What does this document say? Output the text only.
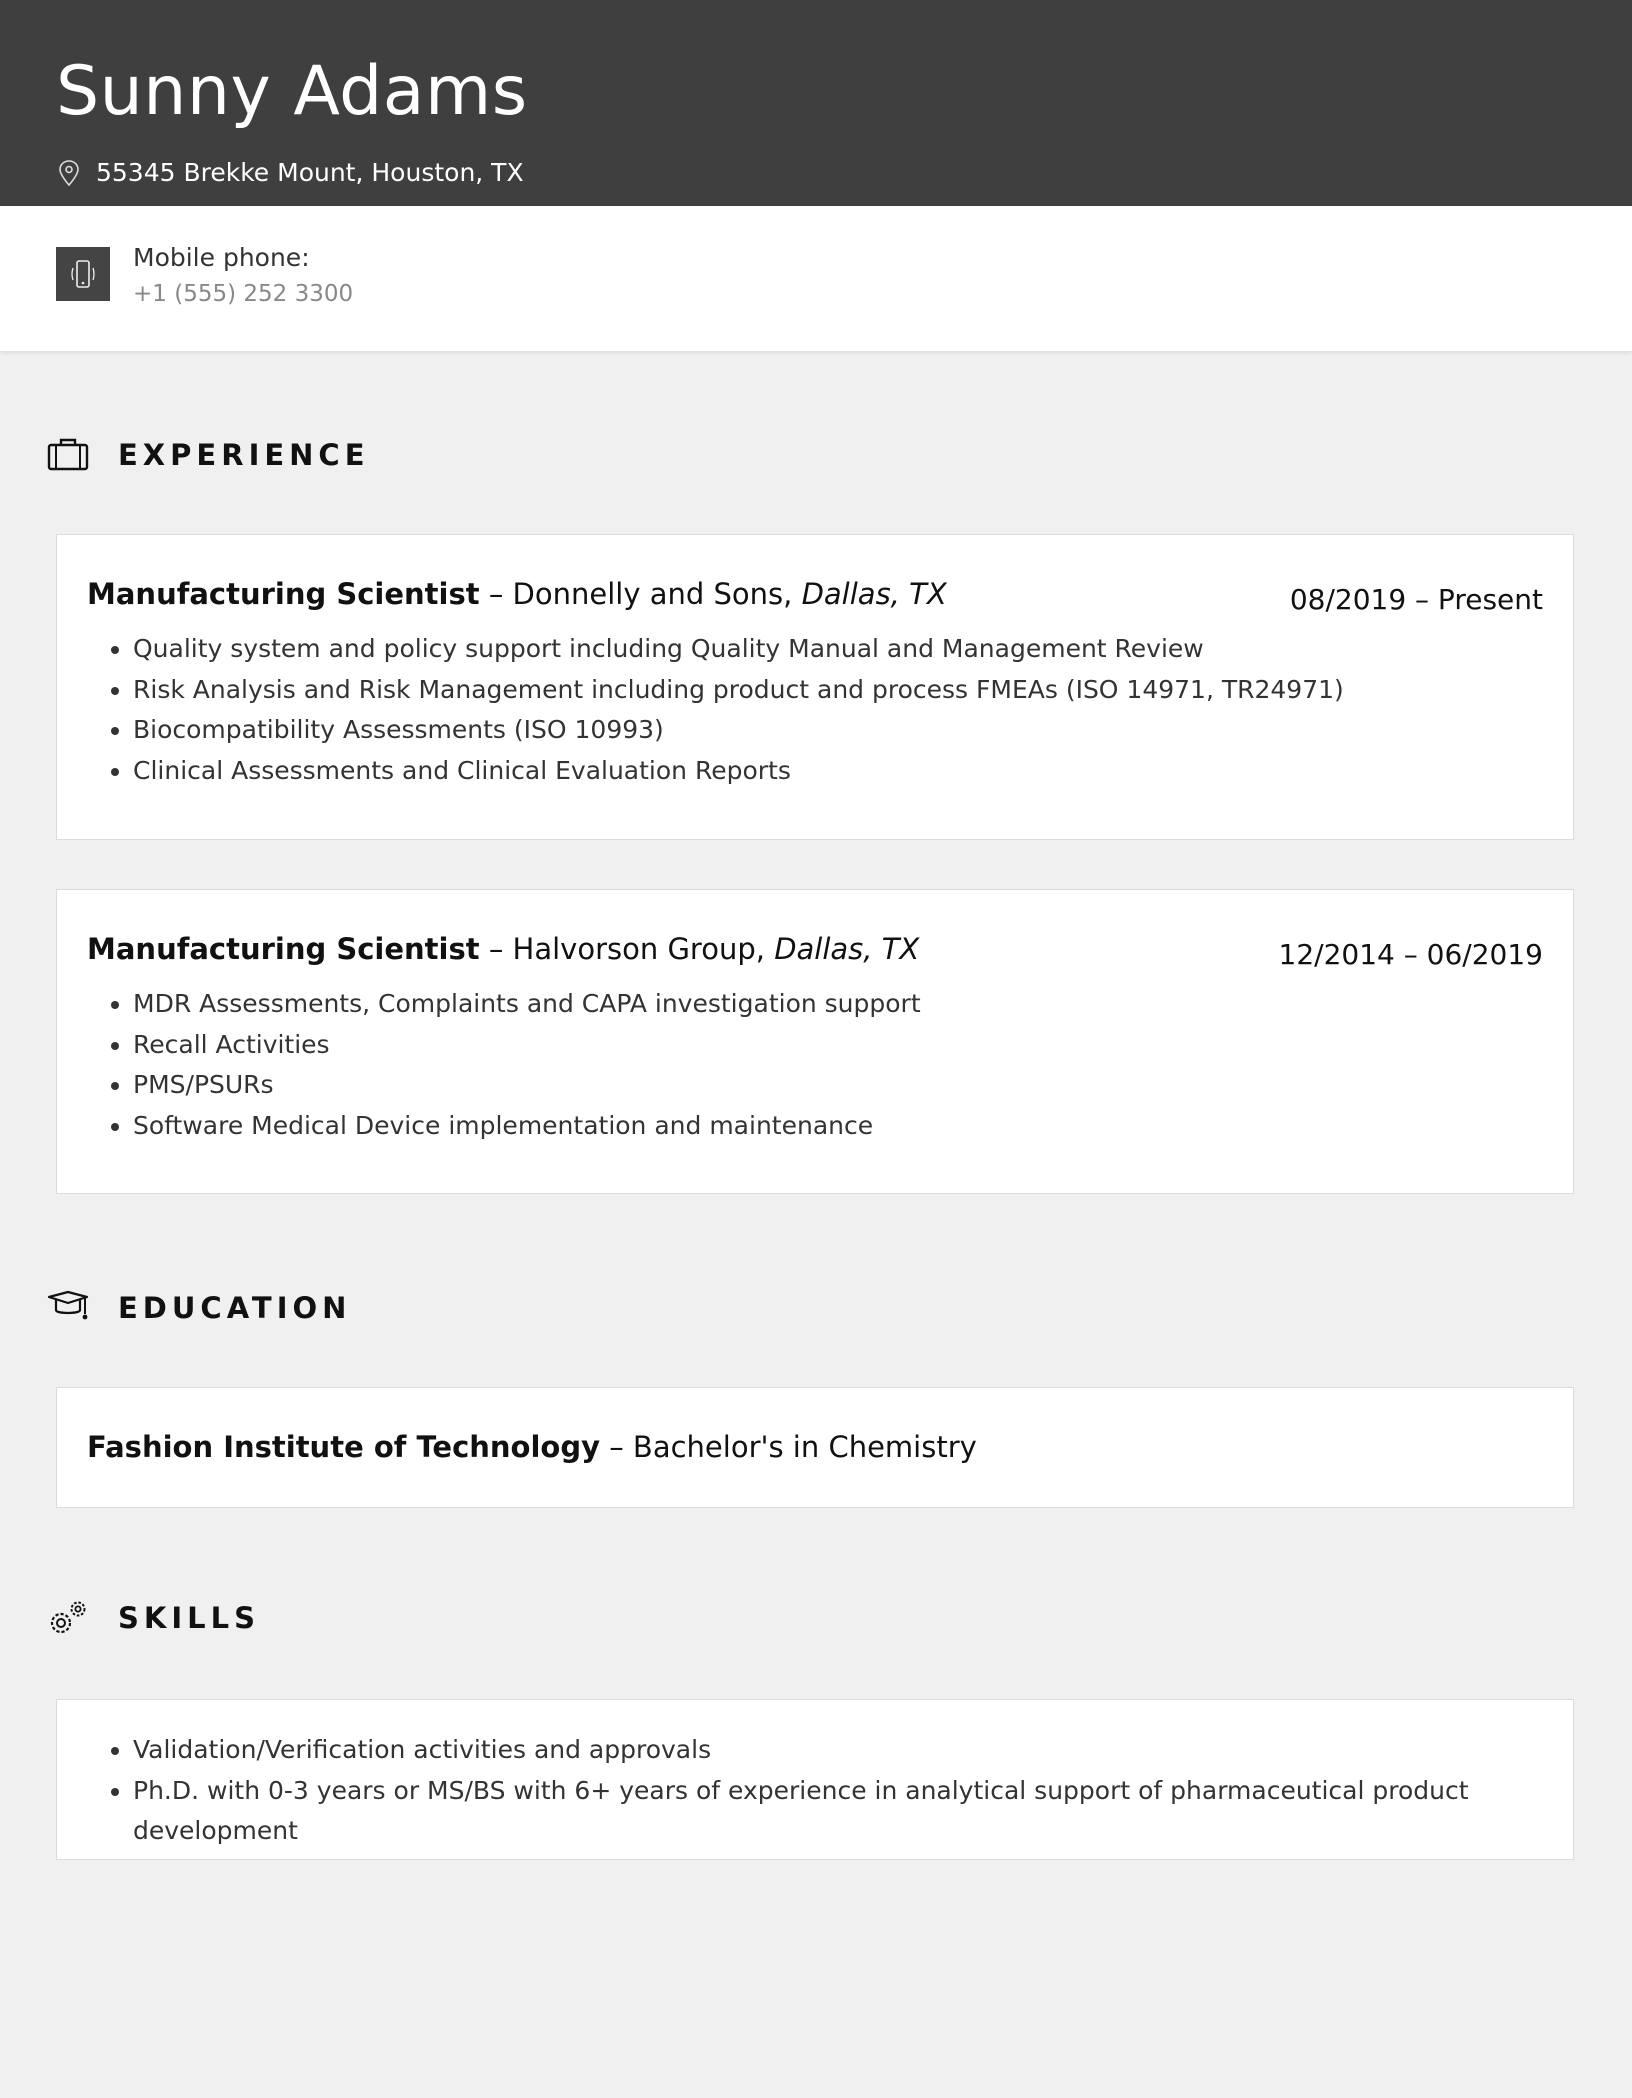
Sunny Adams
55345 Brekke Mount, Houston, TX
Mobile phone:
+1 (555) 252 3300
EXPERIENCE
Manufacturing Scientist – Donnelly and Sons, Dallas, TX	08/2019 – Present
• Quality system and policy support including Quality Manual and Management Review
• Risk Analysis and Risk Management including product and process FMEAs (ISO 14971, TR24971)
• Biocompatibility Assessments (ISO 10993)
• Clinical Assessments and Clinical Evaluation Reports
Manufacturing Scientist – Halvorson Group, Dallas, TX	12/2014 – 06/2019
• MDR Assessments, Complaints and CAPA investigation support
• Recall Activities
• PMS/PSURs
• Software Medical Device implementation and maintenance
EDUCATION
Fashion Institute of Technology – Bachelor's in Chemistry
SKILLS
• Validation/Verification activities and approvals
• Ph.D. with 0-3 years or MS/BS with 6+ years of experience in analytical support of pharmaceutical product development
